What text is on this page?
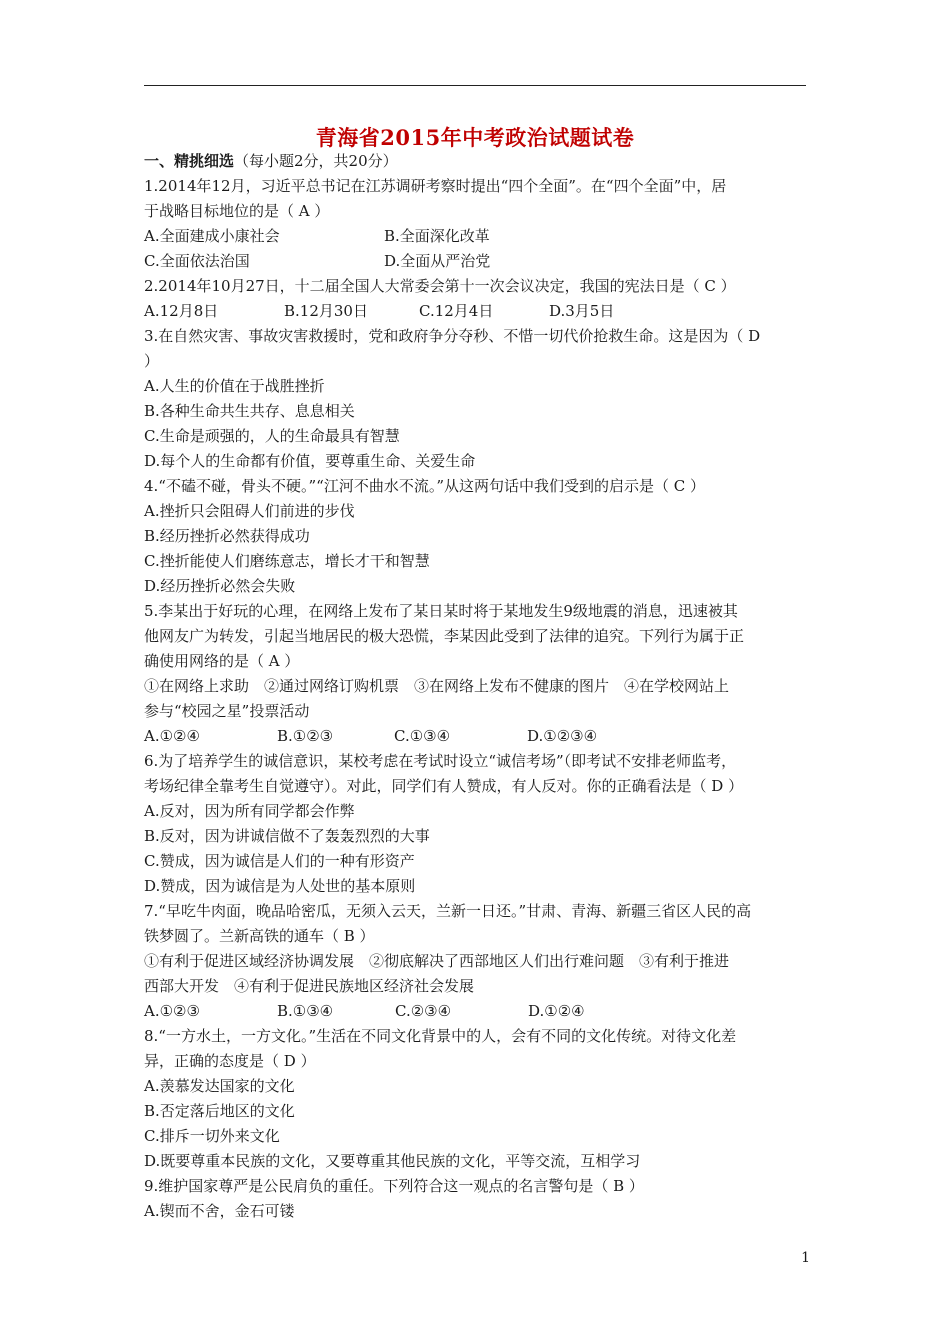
青海省2015年中考政治试题试卷
一、精挑细选（每小题2分，共20分）
1.2014年12月，习近平总书记在江苏调研考察时提出“四个全面”。在“四个全面”中，居
于战略目标地位的是（ A ）
A.全面建成小康社会	B.全面深化改革
C.全面依法治国	D.全面从严治党
2.2014年10月27日，十二届全国人大常委会第十一次会议决定，我国的宪法日是（ C ）
A.12月8日	B.12月30日	C.12月4日	D.3月5日
3.在自然灾害、事故灾害救援时，党和政府争分夺秒、不惜一切代价抢救生命。这是因为（ D
）
A.人生的价值在于战胜挫折
B.各种生命共生共存、息息相关
C.生命是顽强的，人的生命最具有智慧
D.每个人的生命都有价值，要尊重生命、关爱生命
4.“不磕不碰，骨头不硬。”“江河不曲水不流。”从这两句话中我们受到的启示是（ C ）
A.挫折只会阻碍人们前进的步伐
B.经历挫折必然获得成功
C.挫折能使人们磨练意志，增长才干和智慧
D.经历挫折必然会失败
5.李某出于好玩的心理，在网络上发布了某日某时将于某地发生9级地震的消息，迅速被其
他网友广为转发，引起当地居民的极大恐慌，李某因此受到了法律的追究。下列行为属于正
确使用网络的是（ A ）
①在网络上求助　②通过网络订购机票　③在网络上发布不健康的图片　④在学校网站上
参与“校园之星”投票活动
A.①②④	B.①②③	C.①③④	D.①②③④
6.为了培养学生的诚信意识，某校考虑在考试时设立“诚信考场”（即考试不安排老师监考，
考场纪律全靠考生自觉遵守）。对此，同学们有人赞成，有人反对。你的正确看法是（ D ）
A.反对，因为所有同学都会作弊
B.反对，因为讲诚信做不了轰轰烈烈的大事
C.赞成，因为诚信是人们的一种有形资产
D.赞成，因为诚信是为人处世的基本原则
7.“早吃牛肉面，晚品哈密瓜，无须入云天，兰新一日还。”甘肃、青海、新疆三省区人民的高
铁梦圆了。兰新高铁的通车（ B ）
①有利于促进区域经济协调发展　②彻底解决了西部地区人们出行难问题　③有利于推进
西部大开发　④有利于促进民族地区经济社会发展
A.①②③	B.①③④	C.②③④	D.①②④
8.“一方水土，一方文化。”生活在不同文化背景中的人，会有不同的文化传统。对待文化差
异，正确的态度是（ D ）
A.羡慕发达国家的文化
B.否定落后地区的文化
C.排斥一切外来文化
D.既要尊重本民族的文化，又要尊重其他民族的文化，平等交流，互相学习
9.维护国家尊严是公民肩负的重任。下列符合这一观点的名言警句是（ B ）
A.锲而不舍，金石可镂
1
